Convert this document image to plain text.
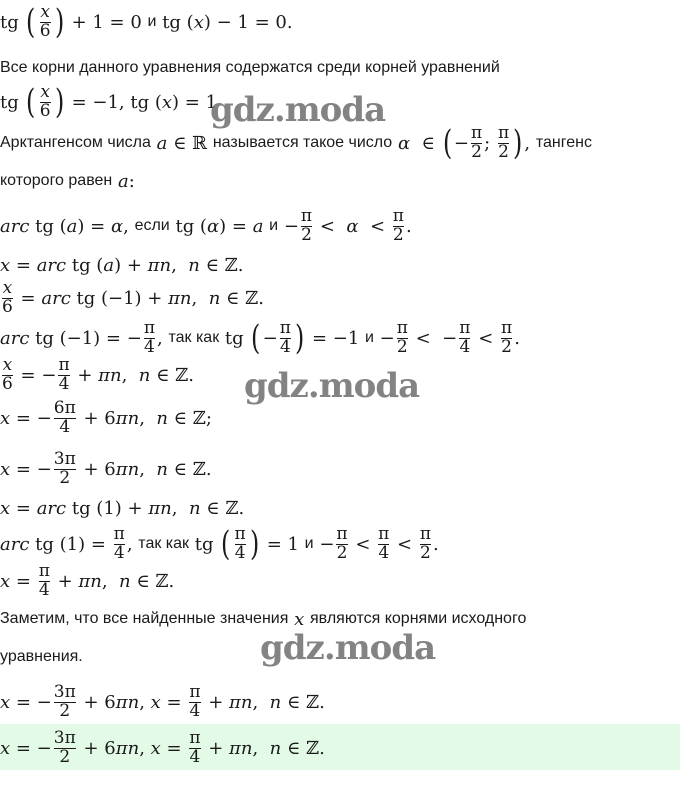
tg ( x
6 ) + 1 = 0 и tg (x) − 1 = 0.
Все корни данного уравнения содержатся среди корней уравнений
tg ( x
6 ) = −1, tg (x) = 1
Арктангенсом числа a ∈ ℝ называется такое число α  ∈ ( − π
2 ; π
2 ) , тангенс
которого равен a:
arc tg (a) = α, если tg (α) = a и − π
2 <  α  < π
2 .
x = arc tg (a) + πn,  n ∈ ℤ.
x
6 = arc tg (−1) + πn,  n ∈ ℤ.
arc tg (−1) = − π
4 , так как tg ( − π
4 ) = −1 и − π
2 <  − π
4 < π
2 .
x
6 = − π
4 + πn,  n ∈ ℤ.
x = − 6π
4 + 6πn,  n ∈ ℤ;
x = − 3π
2 + 6πn,  n ∈ ℤ.
x = arc tg (1) + πn,  n ∈ ℤ.
arc tg (1) = π
4 , так как tg ( π
4 ) = 1 и − π
2 < π
4 < π
2 .
x = π
4 + πn,  n ∈ ℤ.
Заметим, что все найденные значения x являются корнями исходного
уравнения.
x = − 3π
2 + 6πn, x = π
4 + πn,  n ∈ ℤ.
x = − 3π
2 + 6πn, x = π
4 + πn,  n ∈ ℤ.
gdz.moda
gdz.moda
gdz.moda
